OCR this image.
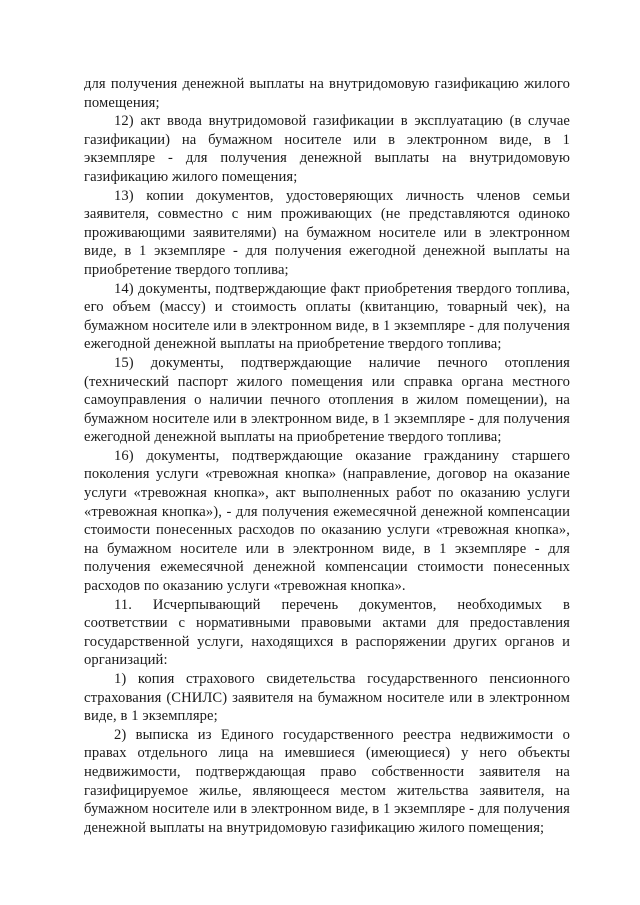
для получения денежной выплаты на внутридомовую газификацию жилого помещения;

12) акт ввода внутридомовой газификации в эксплуатацию (в случае газификации) на бумажном носителе или в электронном виде, в 1 экземпляре - для получения денежной выплаты на внутридомовую газификацию жилого помещения;

13) копии документов, удостоверяющих личность членов семьи заявителя, совместно с ним проживающих (не представляются одиноко проживающими заявителями) на бумажном носителе или в электронном виде, в 1 экземпляре - для получения ежегодной денежной выплаты на приобретение твердого топлива;

14) документы, подтверждающие факт приобретения твердого топлива, его объем (массу) и стоимость оплаты (квитанцию, товарный чек), на бумажном носителе или в электронном виде, в 1 экземпляре - для получения ежегодной денежной выплаты на приобретение твердого топлива;

15) документы, подтверждающие наличие печного отопления (технический паспорт жилого помещения или справка органа местного самоуправления о наличии печного отопления в жилом помещении), на бумажном носителе или в электронном виде, в 1 экземпляре - для получения ежегодной денежной выплаты на приобретение твердого топлива;

16) документы, подтверждающие оказание гражданину старшего поколения услуги «тревожная кнопка» (направление, договор на оказание услуги «тревожная кнопка», акт выполненных работ по оказанию услуги «тревожная кнопка»), - для получения ежемесячной денежной компенсации стоимости понесенных расходов по оказанию услуги «тревожная кнопка», на бумажном носителе или в электронном виде, в 1 экземпляре - для получения ежемесячной денежной компенсации стоимости понесенных расходов по оказанию услуги «тревожная кнопка».

11. Исчерпывающий перечень документов, необходимых в соответствии с нормативными правовыми актами для предоставления государственной услуги, находящихся в распоряжении других органов и организаций:

1) копия страхового свидетельства государственного пенсионного страхования (СНИЛС) заявителя на бумажном носителе или в электронном виде, в 1 экземпляре;

2) выписка из Единого государственного реестра недвижимости о правах отдельного лица на имевшиеся (имеющиеся) у него объекты недвижимости, подтверждающая право собственности заявителя на газифицируемое жилье, являющееся местом жительства заявителя, на бумажном носителе или в электронном виде, в 1 экземпляре - для получения денежной выплаты на внутридомовую газификацию жилого помещения;
